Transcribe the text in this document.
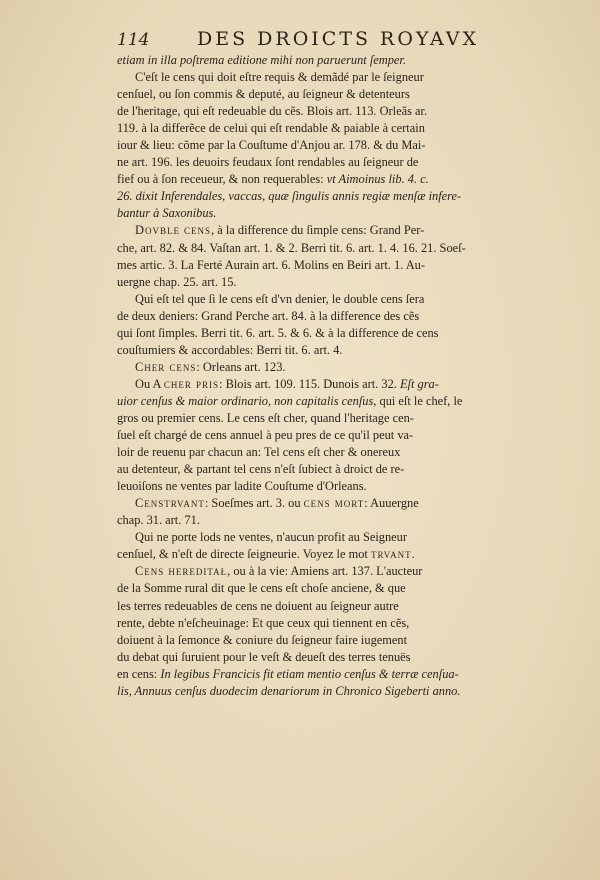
114	DES DROICTS ROYAVX
etiam in illa poſtrema editione mihi non paruerunt ſemper.
C'eſt le cens qui doit eſtre requis & demãdé par le ſeigneur
cenſuel, ou ſon commis & deputé, au ſeigneur & detenteurs
de l'heritage, qui eſt redeuable du cẽs. Blois art. 113. Orleãs ar.
119. à la differẽce de celui qui eſt rendable & paiable à certain
iour & lieu: cõme par la Couſtume d'Anjou ar. 178. & du Mai-
ne art. 196. les deuoirs feudaux ſont rendables au ſeigneur de
fief ou à ſon receueur, & non requerables: vt Aimoinus lib. 4. c.
26. dixit Inferendales, vaccas, quæ ſingulis annis regiæ menſæ infere-
bantur à Saxonibus.
Dovble cens, à la difference du ſimple cens: Grand Per-
che, art. 82. & 84. Vaſtan art. 1. & 2. Berri tit. 6. art. 1. 4. 16. 21. Soeſ-
mes artic. 3. La Ferté Aurain art. 6. Molins en Beiri art. 1. Au-
uergne chap. 25. art. 15.
Qui eſt tel que ſi le cens eſt d'vn denier, le double cens ſera
de deux deniers: Grand Perche art. 84. à la difference des cẽs
qui ſont ſimples. Berri tit. 6. art. 5. & 6. & à la difference de cens
couſtumiers & accordables: Berri tit. 6. art. 4.
Cher cens: Orleans art. 123.
Ou A cher pris: Blois art. 109. 115. Dunois art. 32. Eſt gra-
uior cenſus & maior ordinario, non capitalis cenſus, qui eſt le chef, le
gros ou premier cens. Le cens eſt cher, quand l'heritage cen-
ſuel eſt chargé de cens annuel à peu pres de ce qu'il peut va-
loir de reuenu par chacun an: Tel cens eſt cher & onereux
au detenteur, & partant tel cens n'eſt ſubiect à droict de re-
leuoiſons ne ventes par ladite Couſtume d'Orleans.
Censtrvant: Soeſmes art. 3. ou cens mort: Auuergne
chap. 31. art. 71.
Qui ne porte lods ne ventes, n'aucun profit au Seigneur
cenſuel, & n'eſt de directe ſeigneurie. Voyez le mot trvant.
Cens hereditał, ou à la vie: Amiens art. 137. L'aucteur
de la Somme rural dit que le cens eſt choſe anciene, & que
les terres redeuables de cens ne doiuent au ſeigneur autre
rente, debte n'eſcheuinage: Et que ceux qui tiennent en cẽs,
doiuent à la ſemonce & coniure du ſeigneur faire iugement
du debat qui ſuruient pour le veſt & deueſt des terres tenuës
en cens: In legibus Francicis fit etiam mentio cenſus & terræ cenſua-
lis, Annuus cenſus duodecim denariorum in Chronico Sigeberti anno.
